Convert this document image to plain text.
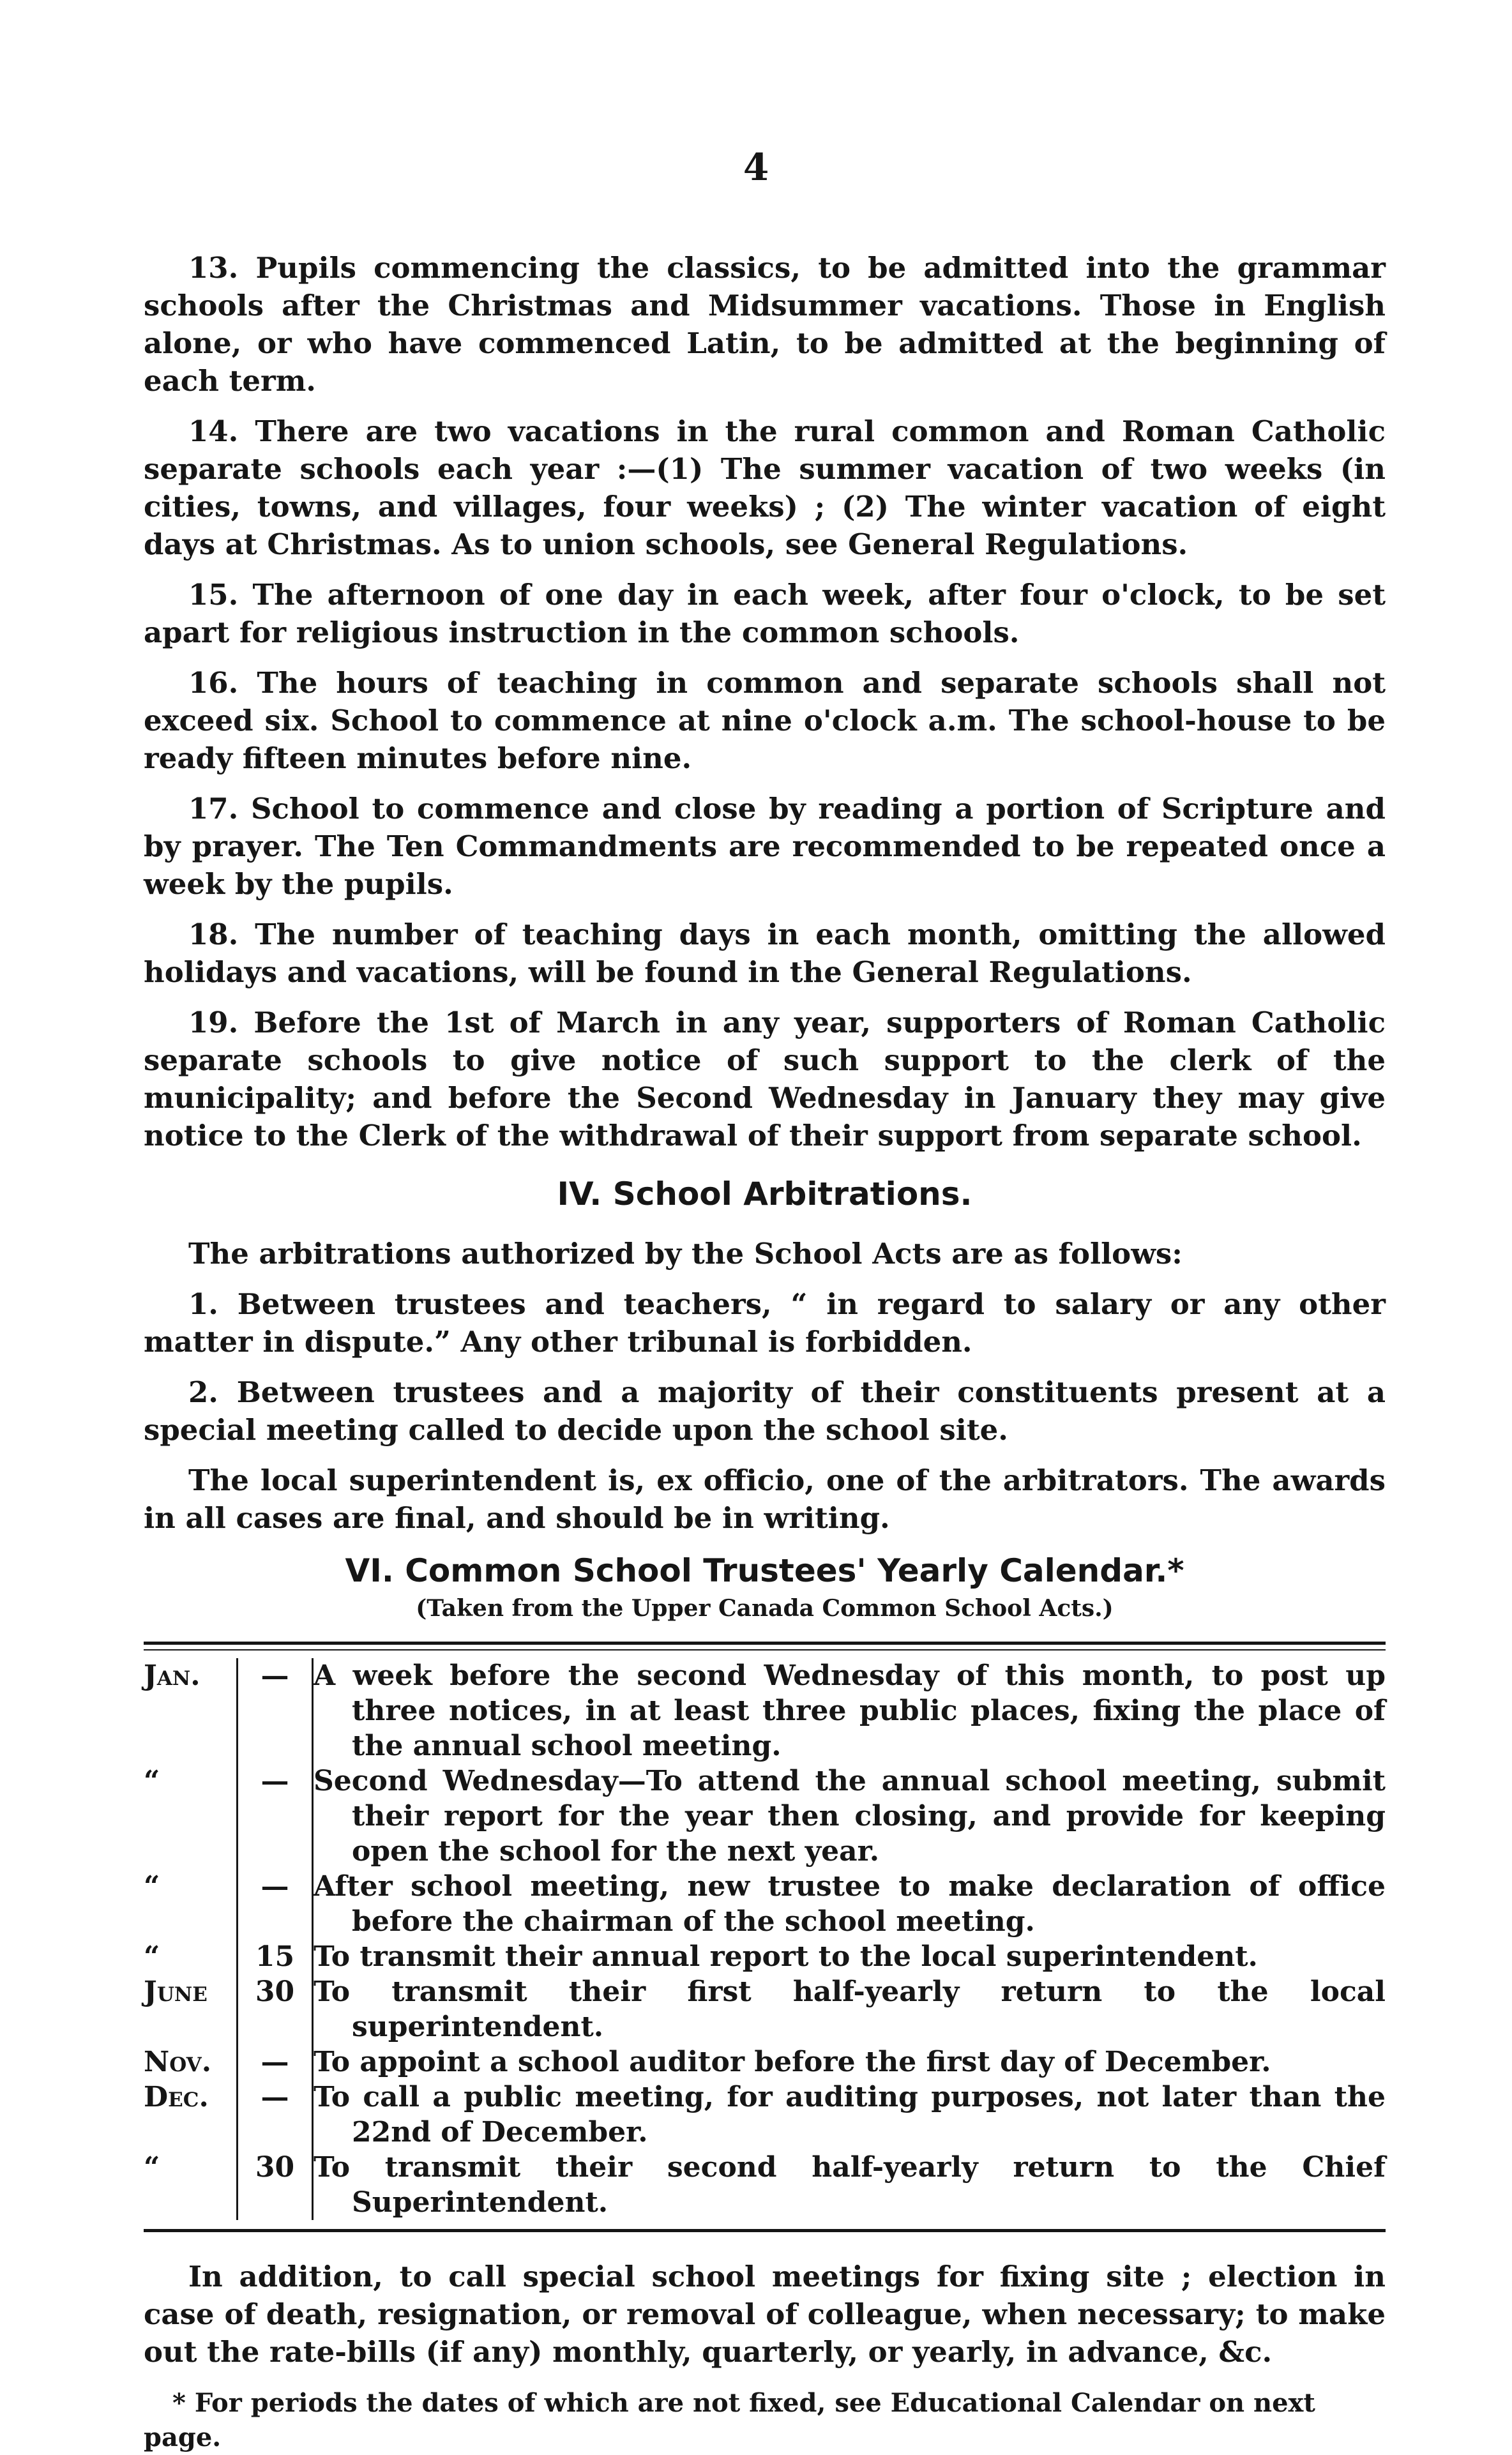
4

13. Pupils commencing the classics, to be admitted into the grammar schools after the Christmas and Midsummer vacations. Those in English alone, or who have commenced Latin, to be admitted at the beginning of each term.

14. There are two vacations in the rural common and Roman Catholic separate schools each year :—(1) The summer vacation of two weeks (in cities, towns, and villages, four weeks) ; (2) The winter vacation of eight days at Christmas. As to union schools, see General Regulations.

15. The afternoon of one day in each week, after four o'clock, to be set apart for religious instruction in the common schools.

16. The hours of teaching in common and separate schools shall not exceed six. School to commence at nine o'clock a.m. The school-house to be ready fifteen minutes before nine.

17. School to commence and close by reading a portion of Scripture and by prayer. The Ten Commandments are recommended to be repeated once a week by the pupils.

18. The number of teaching days in each month, omitting the allowed holidays and vacations, will be found in the General Regulations.

19. Before the 1st of March in any year, supporters of Roman Catholic separate schools to give notice of such support to the clerk of the municipality; and before the Second Wednesday in January they may give notice to the Clerk of the withdrawal of their support from separate school.

IV. School Arbitrations.

The arbitrations authorized by the School Acts are as follows:

1. Between trustees and teachers, “ in regard to salary or any other matter in dispute.” Any other tribunal is forbidden.

2. Between trustees and a majority of their constituents present at a special meeting called to decide upon the school site.

The local superintendent is, ex officio, one of the arbitrators. The awards in all cases are final, and should be in writing.

VI. Common School Trustees' Yearly Calendar.*
(Taken from the Upper Canada Common School Acts.)
Jan.	—	A week before the second Wednesday of this month, to post up three notices, in at least three public places, fixing the place of the annual school meeting.

“	—	Second Wednesday—To attend the annual school meeting, submit their report for the year then closing, and provide for keeping open the school for the next year.

“	—	After school meeting, new trustee to make declaration of office before the chairman of the school meeting.

“	15	To transmit their annual report to the local superintendent.

June	30	To transmit their first half-yearly return to the local superintendent.

Nov.	—	To appoint a school auditor before the first day of December.

Dec.	—	To call a public meeting, for auditing purposes, not later than the 22nd of December.

“	30	To transmit their second half-yearly return to the Chief Superintendent.

In addition, to call special school meetings for fixing site ; election in case of death, resignation, or removal of colleague, when necessary; to make out the rate-bills (if any) monthly, quarterly, or yearly, in advance, &c.

* For periods the dates of which are not fixed, see Educational Calendar on next page.
